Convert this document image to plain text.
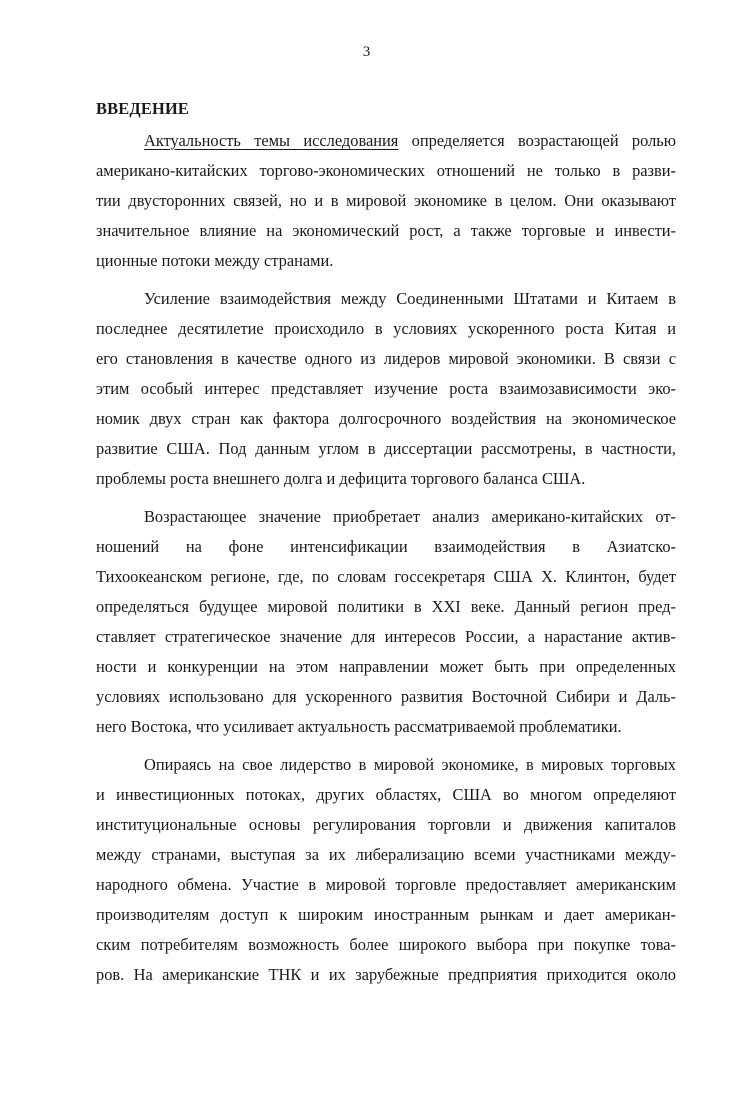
3
ВВЕДЕНИЕ
Актуальность темы исследования определяется возрастающей ролью
американо-китайских торгово-экономических отношений не только в разви-
тии двусторонних связей, но и в мировой экономике в целом. Они оказывают
значительное влияние на экономический рост, а также торговые и инвести-
ционные потоки между странами.
Усиление взаимодействия между Соединенными Штатами и Китаем в
последнее десятилетие происходило в условиях ускоренного роста Китая и
его становления в качестве одного из лидеров мировой экономики. В связи с
этим особый интерес представляет изучение роста взаимозависимости эко-
номик двух стран как фактора долгосрочного воздействия на экономическое
развитие США. Под данным углом в диссертации рассмотрены, в частности,
проблемы роста внешнего долга и дефицита торгового баланса США.
Возрастающее значение приобретает анализ американо-китайских от-
ношений на фоне интенсификации взаимодействия в Азиатско-
Тихоокеанском регионе, где, по словам госсекретаря США Х. Клинтон, будет
определяться будущее мировой политики в XXI веке. Данный регион пред-
ставляет стратегическое значение для интересов России, а нарастание актив-
ности и конкуренции на этом направлении может быть при определенных
условиях использовано для ускоренного развития Восточной Сибири и Даль-
него Востока, что усиливает актуальность рассматриваемой проблематики.
Опираясь на свое лидерство в мировой экономике, в мировых торговых
и инвестиционных потоках, других областях, США во многом определяют
институциональные основы регулирования торговли и движения капиталов
между странами, выступая за их либерализацию всеми участниками между-
народного обмена. Участие в мировой торговле предоставляет американским
производителям доступ к широким иностранным рынкам и дает американ-
ским потребителям возможность более широкого выбора при покупке това-
ров. На американские ТНК и их зарубежные предприятия приходится около
